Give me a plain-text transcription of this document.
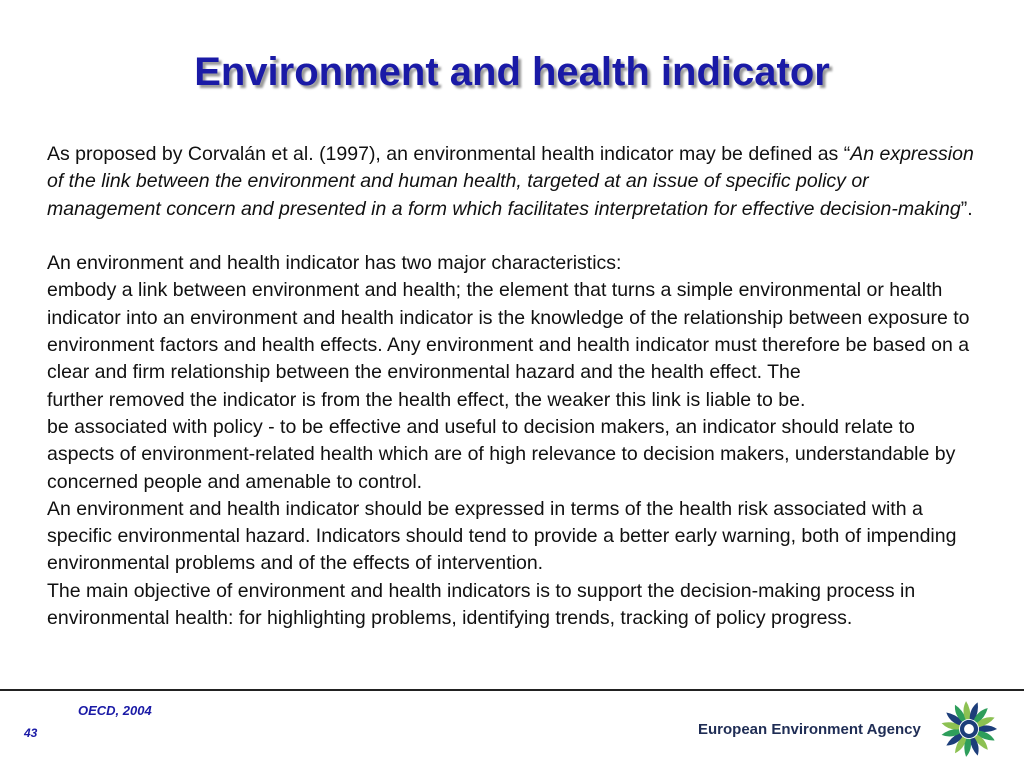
Environment and health indicator

As proposed by Corvalán et al. (1997), an environmental health indicator may be defined as “An expression of the link between the environment and human health, targeted at an issue of specific policy or management concern and presented in a form which facilitates interpretation for effective decision-making”.

An environment and health indicator has two major characteristics:

embody a link between environment and health; the element that turns a simple environmental or health indicator into an environment and health indicator is the knowledge of the relationship between exposure to environment factors and health effects. Any environment and health indicator must therefore be based on a clear and firm relationship between the environmental hazard and the health effect. The

further removed the indicator is from the health effect, the weaker this link is liable to be.

be associated with policy - to be effective and useful to decision makers, an indicator should relate to aspects of environment-related health which are of high relevance to decision makers, understandable by concerned people and amenable to control.

An environment and health indicator should be expressed in terms of the health risk associated with a specific environmental hazard. Indicators should tend to provide a better early warning, both of impending environmental problems and of the effects of intervention.

The main objective of environment and health indicators is to support the decision-making process in environmental health: for highlighting problems, identifying trends, tracking of policy progress.

OECD, 2004
43	European Environment Agency
